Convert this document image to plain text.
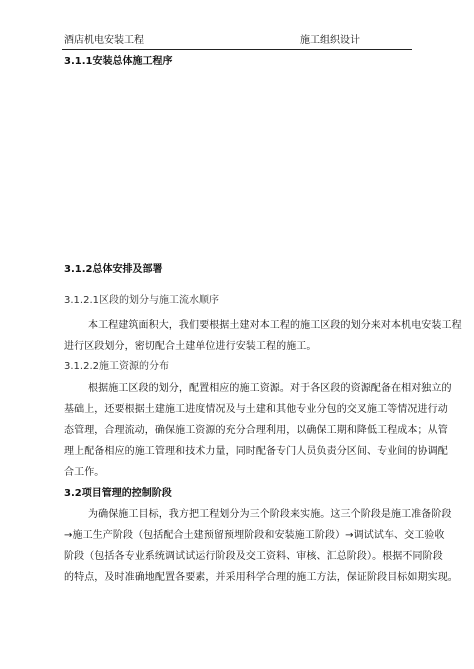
酒店机电安装工程	施工组织设计
3.1.1安装总体施工程序
3.1.2总体安排及部署
3.1.2.1区段的划分与施工流水顺序
本工程建筑面积大，我们要根据土建对本工程的施工区段的划分来对本机电安装工程
进行区段划分，密切配合土建单位进行安装工程的施工。
3.1.2.2施工资源的分布
根据施工区段的划分，配置相应的施工资源。对于各区段的资源配备在相对独立的
基础上，还要根据土建施工进度情况及与土建和其他专业分包的交叉施工等情况进行动
态管理，合理流动，确保施工资源的充分合理利用，以确保工期和降低工程成本；从管
理上配备相应的施工管理和技术力量，同时配备专门人员负责分区间、专业间的协调配
合工作。
3.2项目管理的控制阶段
为确保施工目标，我方把工程划分为三个阶段来实施。这三个阶段是施工准备阶段
→施工生产阶段（包括配合土建预留预埋阶段和安装施工阶段）→调试试车、交工验收
阶段（包括各专业系统调试试运行阶段及交工资料、审核、汇总阶段）。根据不同阶段
的特点，及时准确地配置各要素，并采用科学合理的施工方法，保证阶段目标如期实现。
